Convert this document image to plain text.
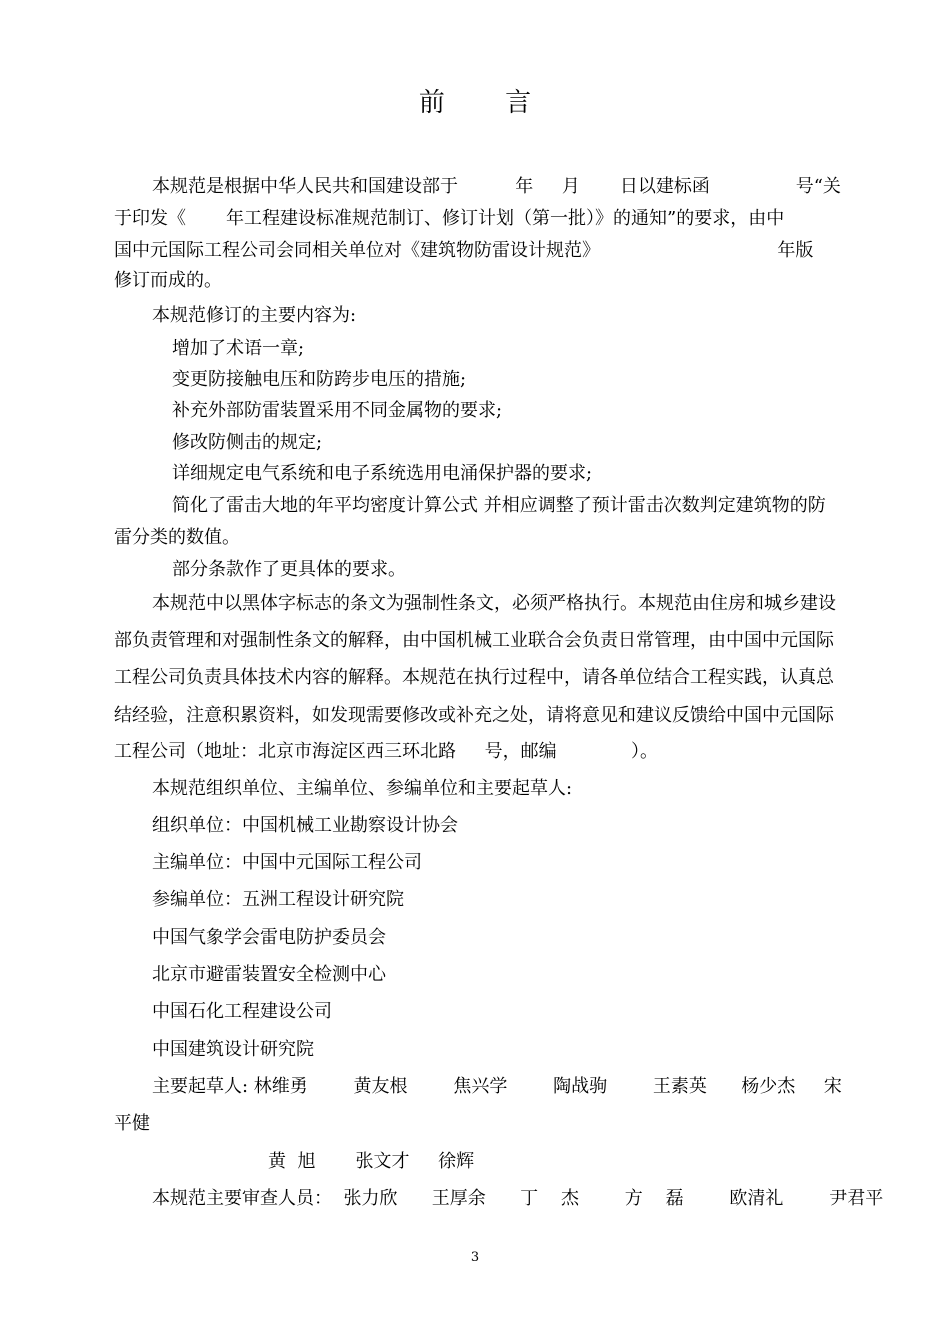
前 言
本规范是根据中华人民共和国建设部于          年     月       日以建标函               号“关
于印发《       年工程建设标准规范制订、修订计划（第一批）》的通知”的要求，由中
国中元国际工程公司会同相关单位对《建筑物防雷设计规范》                               年版
修订而成的。
本规范修订的主要内容为:
增加了术语一章;
变更防接触电压和防跨步电压的措施;
补充外部防雷装置采用不同金属物的要求;
修改防侧击的规定;
详细规定电气系统和电子系统选用电涌保护器的要求;
简化了雷击大地的年平均密度计算公式 并相应调整了预计雷击次数判定建筑物的防
雷分类的数值。
部分条款作了更具体的要求。
本规范中以黑体字标志的条文为强制性条文，必须严格执行。本规范由住房和城乡建设
部负责管理和对强制性条文的解释，由中国机械工业联合会负责日常管理，由中国中元国际
工程公司负责具体技术内容的解释。本规范在执行过程中，请各单位结合工程实践，认真总
结经验，注意积累资料，如发现需要修改或补充之处，请将意见和建议反馈给中国中元国际
工程公司（地址：北京市海淀区西三环北路     号，邮编             ）。
本规范组织单位、主编单位、参编单位和主要起草人:
组织单位：中国机械工业勘察设计协会
主编单位：中国中元国际工程公司
参编单位：五洲工程设计研究院
中国气象学会雷电防护委员会
北京市避雷装置安全检测中心
中国石化工程建设公司
中国建筑设计研究院
主要起草人: 林维勇        黄友根        焦兴学        陶战驹        王素英      杨少杰     宋
平健
黄  旭       张文才     徐辉
本规范主要审查人员：  张力欣      王厚余      丁    杰        方    磊        欧清礼        尹君平
3
